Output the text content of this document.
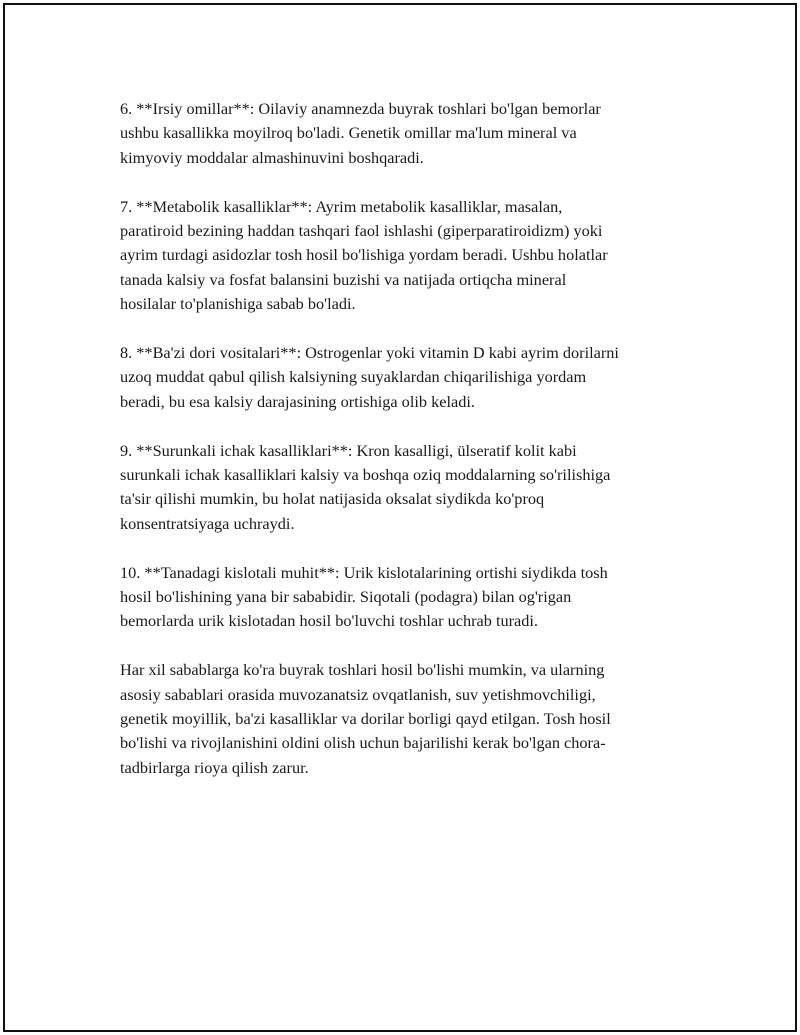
6. **Irsiy omillar**: Oilaviy anamnezda buyrak toshlari bo'lgan bemorlar
ushbu kasallikka moyilroq bo'ladi. Genetik omillar ma'lum mineral va
kimyoviy moddalar almashinuvini boshqaradi.

7. **Metabolik kasalliklar**: Ayrim metabolik kasalliklar, masalan,
paratiroid bezining haddan tashqari faol ishlashi (giperparatiroidizm) yoki
ayrim turdagi asidozlar tosh hosil bo'lishiga yordam beradi. Ushbu holatlar
tanada kalsiy va fosfat balansini buzishi va natijada ortiqcha mineral
hosilalar to'planishiga sabab bo'ladi.

8. **Ba'zi dori vositalari**: Ostrogenlar yoki vitamin D kabi ayrim dorilarni
uzoq muddat qabul qilish kalsiyning suyaklardan chiqarilishiga yordam
beradi, bu esa kalsiy darajasining ortishiga olib keladi.

9. **Surunkali ichak kasalliklari**: Kron kasalligi, ülseratif kolit kabi
surunkali ichak kasalliklari kalsiy va boshqa oziq moddalarning so'rilishiga
ta'sir qilishi mumkin, bu holat natijasida oksalat siydikda ko'proq
konsentratsiyaga uchraydi.

10. **Tanadagi kislotali muhit**: Urik kislotalarining ortishi siydikda tosh
hosil bo'lishining yana bir sababidir. Siqotali (podagra) bilan og'rigan
bemorlarda urik kislotadan hosil bo'luvchi toshlar uchrab turadi.

Har xil sabablarga ko'ra buyrak toshlari hosil bo'lishi mumkin, va ularning
asosiy sabablari orasida muvozanatsiz ovqatlanish, suv yetishmovchiligi,
genetik moyillik, ba'zi kasalliklar va dorilar borligi qayd etilgan. Tosh hosil
bo'lishi va rivojlanishini oldini olish uchun bajarilishi kerak bo'lgan chora-
tadbirlarga rioya qilish zarur.
